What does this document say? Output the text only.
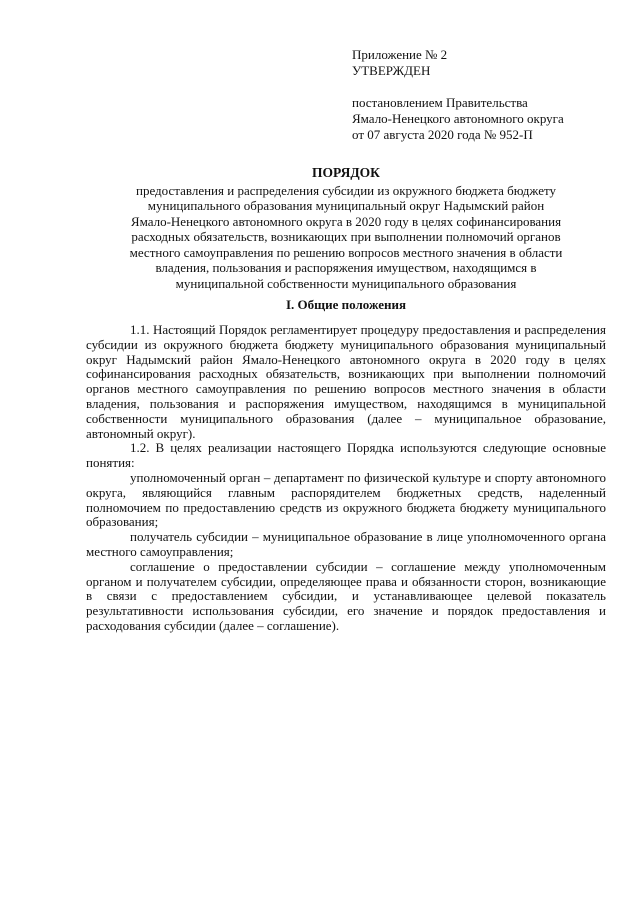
Приложение № 2
УТВЕРЖДЕН
постановлением Правительства
Ямало-Ненецкого автономного округа
от 07 августа 2020 года № 952-П
ПОРЯДОК
предоставления и распределения субсидии из окружного бюджета бюджету
муниципального образования муниципальный округ Надымский район
Ямало-Ненецкого автономного округа в 2020 году в целях софинансирования
расходных обязательств, возникающих при выполнении полномочий органов
местного самоуправления по решению вопросов местного значения в области
владения, пользования и распоряжения имуществом, находящимся в
муниципальной собственности муниципального образования
I. Общие положения

1.1. Настоящий Порядок регламентирует процедуру предоставления и распределения субсидии из окружного бюджета бюджету муниципального образования муниципальный округ Надымский район Ямало-Ненецкого автономного округа в 2020 году в целях софинансирования расходных обязательств, возникающих при выполнении полномочий органов местного самоуправления по решению вопросов местного значения в области владения, пользования и распоряжения имуществом, находящимся в муниципальной собственности муниципального образования (далее – муниципальное образование, автономный округ).

1.2. В целях реализации настоящего Порядка используются следующие основные понятия:

уполномоченный орган – департамент по физической культуре и спорту автономного округа, являющийся главным распорядителем бюджетных средств, наделенный полномочием по предоставлению средств из окружного бюджета бюджету муниципального образования;

получатель субсидии – муниципальное образование в лице уполномоченного органа местного самоуправления;

соглашение о предоставлении субсидии – соглашение между уполномоченным органом и получателем субсидии, определяющее права и обязанности сторон, возникающие в связи с предоставлением субсидии, и устанавливающее целевой показатель результативности использования субсидии, его значение и порядок предоставления и расходования субсидии (далее – соглашение).
